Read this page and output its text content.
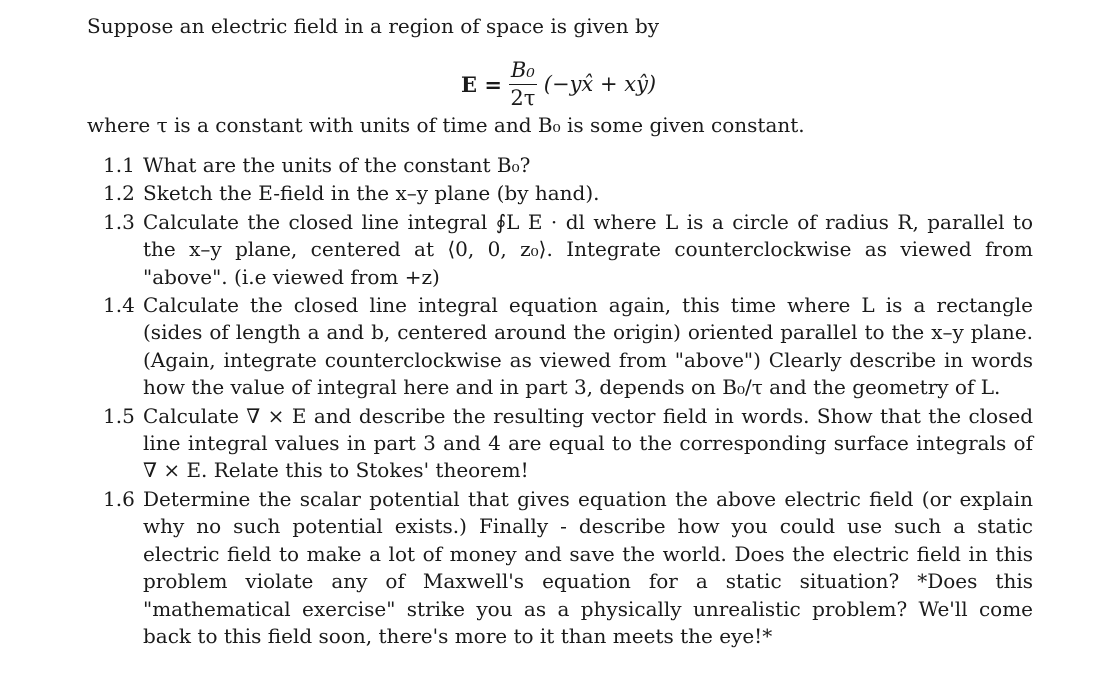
Suppose an electric field in a region of space is given by
$E = \frac{\text{B₀}}{2\tau}$ (−yx̂ + xŷ)
where τ is a constant with units of time and B₀ is some given constant.
1.1 What are the units of the constant B₀?
1.2 Sketch the E-field in the x–y plane (by hand).
1.3 Calculate the closed line integral ∮L E · dl where L is a circle of radius R, parallel to the x–y plane, centered at ⟨0, 0, z₀⟩. Integrate counterclockwise as viewed from "above". (i.e viewed from +z)
1.4 Calculate the closed line integral equation again, this time where L is a rectangle (sides of length a and b, centered around the origin) oriented parallel to the x–y plane. (Again, integrate counterclockwise as viewed from "above") Clearly describe in words how the value of integral here and in part 3, depends on B₀/τ and the geometry of L.
1.5 Calculate ∇ × E and describe the resulting vector field in words. Show that the closed line integral values in part 3 and 4 are equal to the corresponding surface integrals of ∇ × E. Relate this to Stokes' theorem!
1.6 Determine the scalar potential that gives equation the above electric field (or explain why no such potential exists.) Finally - describe how you could use such a static electric field to make a lot of money and save the world. Does the electric field in this problem violate any of Maxwell's equation for a static situation? *Does this "mathematical exercise" strike you as a physically unrealistic problem? We'll come back to this field soon, there's more to it than meets the eye!*
